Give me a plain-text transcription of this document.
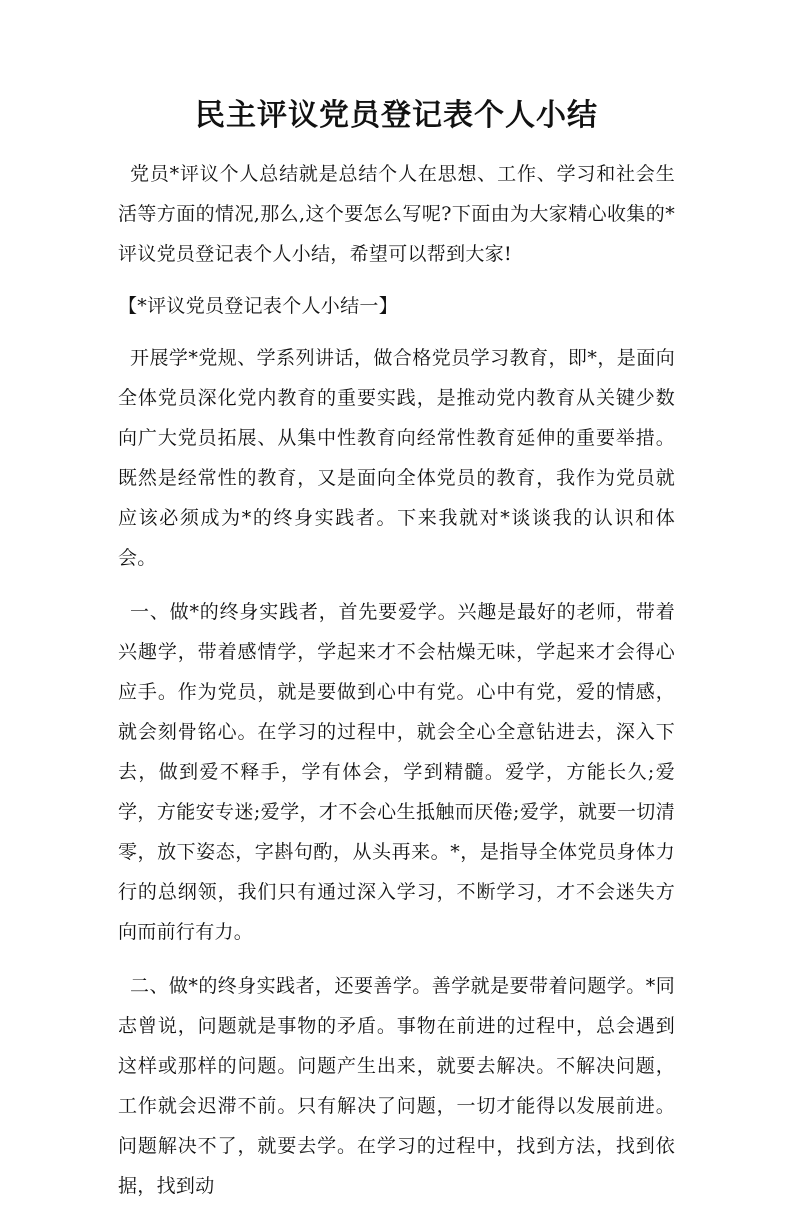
民主评议党员登记表个人小结

党员*评议个人总结就是总结个人在思想、工作、学习和社会生活等方面的情况,那么,这个要怎么写呢?下面由为大家精心收集的*评议党员登记表个人小结，希望可以帮到大家!

【*评议党员登记表个人小结一】

开展学*党规、学系列讲话，做合格党员学习教育，即*，是面向全体党员深化党内教育的重要实践，是推动党内教育从关键少数向广大党员拓展、从集中性教育向经常性教育延伸的重要举措。既然是经常性的教育，又是面向全体党员的教育，我作为党员就应该必须成为*的终身实践者。下来我就对*谈谈我的认识和体会。

一、做*的终身实践者，首先要爱学。兴趣是最好的老师，带着兴趣学，带着感情学，学起来才不会枯燥无味，学起来才会得心应手。作为党员，就是要做到心中有党。心中有党，爱的情感，就会刻骨铭心。在学习的过程中，就会全心全意钻进去，深入下去，做到爱不释手，学有体会，学到精髓。爱学，方能长久;爱学，方能安专迷;爱学，才不会心生抵触而厌倦;爱学，就要一切清零，放下姿态，字斟句酌，从头再来。*，是指导全体党员身体力行的总纲领，我们只有通过深入学习，不断学习，才不会迷失方向而前行有力。

二、做*的终身实践者，还要善学。善学就是要带着问题学。*同志曾说，问题就是事物的矛盾。事物在前进的过程中，总会遇到这样或那样的问题。问题产生出来，就要去解决。不解决问题，工作就会迟滞不前。只有解决了问题，一切才能得以发展前进。问题解决不了，就要去学。在学习的过程中，找到方法，找到依据，找到动
